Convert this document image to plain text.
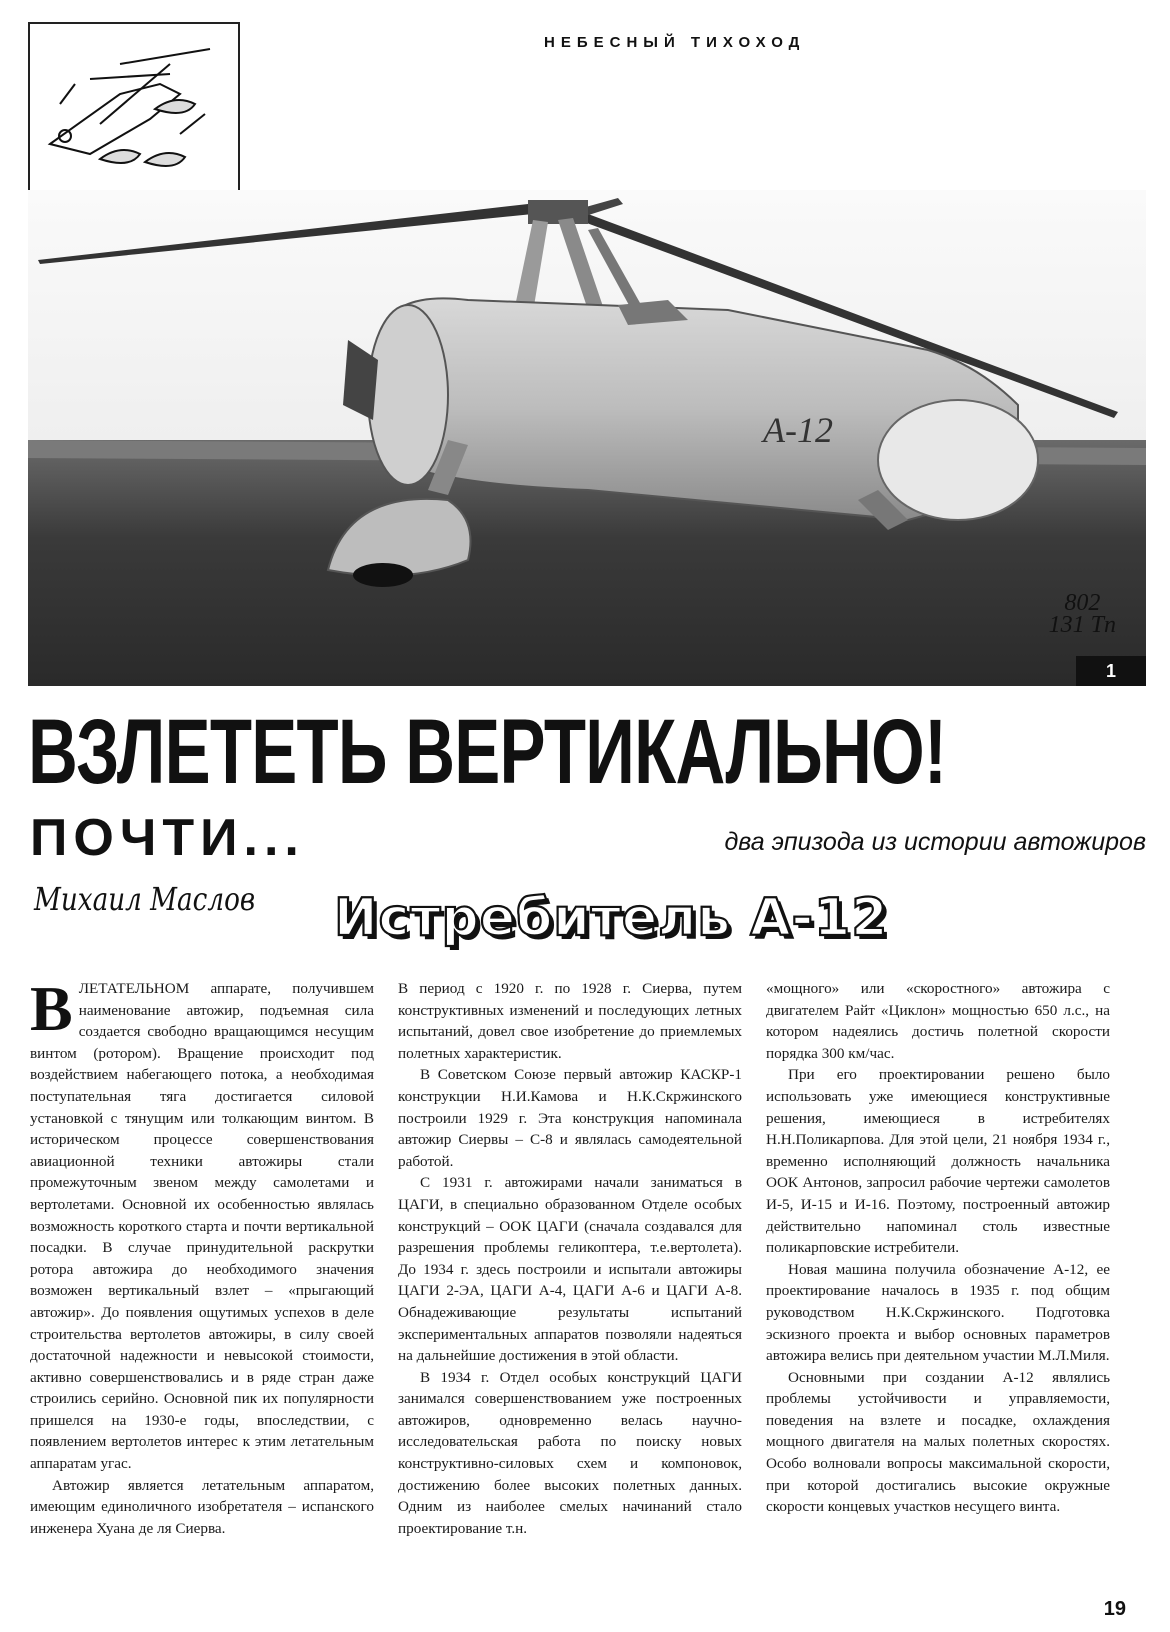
НЕБЕСНЫЙ ТИХОХОД
А-12
802
131 Tп
1
ВЗЛЕТЕТЬ ВЕРТИКАЛЬНО!
ПОЧТИ...	два эпизода из истории автожиров
Михаил Маслов Истребитель А-12

ВЛЕТАТЕЛЬНОМ аппарате, получившем наименование автожир, подъемная сила создается свободно вращающимся несущим винтом (ротором). Вращение происходит под воздействием набегающего потока, а необходимая поступательная тяга достигается силовой установкой с тянущим или толкающим винтом. В историческом процессе совершенствования авиационной техники автожиры стали промежуточным звеном между самолетами и вертолетами. Основной их особенностью являлась возможность короткого старта и почти вертикальной посадки. В случае принудительной раскрутки ротора автожира до необходимого значения возможен вертикальный взлет – «прыгающий автожир». До появления ощутимых успехов в деле строительства вертолетов автожиры, в силу своей достаточной надежности и невысокой стоимости, активно совершенствовались и в ряде стран даже строились серийно. Основной пик их популярности пришелся на 1930-е годы, впоследствии, с появлением вертолетов интерес к этим летательным аппаратам угас.

Автожир является летательным аппаратом, имеющим единоличного изобретателя – испанского инженера Хуана де ля Сиерва.

В период с 1920 г. по 1928 г. Сиерва, путем конструктивных изменений и последующих летных испытаний, довел свое изобретение до приемлемых полетных характеристик.

В Советском Союзе первый автожир КАСКР-1 конструкции Н.И.Камова и Н.К.Скржинского построили 1929 г. Эта конструкция напоминала автожир Сиервы – С-8 и являлась самодеятельной работой.

С 1931 г. автожирами начали заниматься в ЦАГИ, в специально образованном Отделе особых конструкций – ООК ЦАГИ (сначала создавался для разрешения проблемы геликоптера, т.е.вертолета). До 1934 г. здесь построили и испытали автожиры ЦАГИ 2-ЭА, ЦАГИ А-4, ЦАГИ А-6 и ЦАГИ А-8. Обнадеживающие результаты испытаний экспериментальных аппаратов позволяли надеяться на дальнейшие достижения в этой области.

В 1934 г. Отдел особых конструкций ЦАГИ занимался совершенствованием уже построенных автожиров, одновременно велась научно-исследовательская работа по поиску новых конструктивно-силовых схем и компоновок, достижению более высоких полетных данных. Одним из наиболее смелых начинаний стало проектирование т.н.

«мощного» или «скоростного» автожира с двигателем Райт «Циклон» мощностью 650 л.с., на котором надеялись достичь полетной скорости порядка 300 км/час.

При его проектировании решено было использовать уже имеющиеся конструктивные решения, имеющиеся в истребителях Н.Н.Поликарпова. Для этой цели, 21 ноября 1934 г., временно исполняющий должность начальника ООК Антонов, запросил рабочие чертежи самолетов И-5, И-15 и И-16. Поэтому, построенный автожир действительно напоминал столь известные поликарповские истребители.

Новая машина получила обозначение А-12, ее проектирование началось в 1935 г. под общим руководством Н.К.Скржинского. Подготовка эскизного проекта и выбор основных параметров автожира велись при деятельном участии М.Л.Миля.

Основными при создании А-12 являлись проблемы устойчивости и управляемости, поведения на взлете и посадке, охлаждения мощного двигателя на малых полетных скоростях. Особо волновали вопросы максимальной скорости, при которой достигались высокие окружные скорости концевых участков несущего винта.

19
